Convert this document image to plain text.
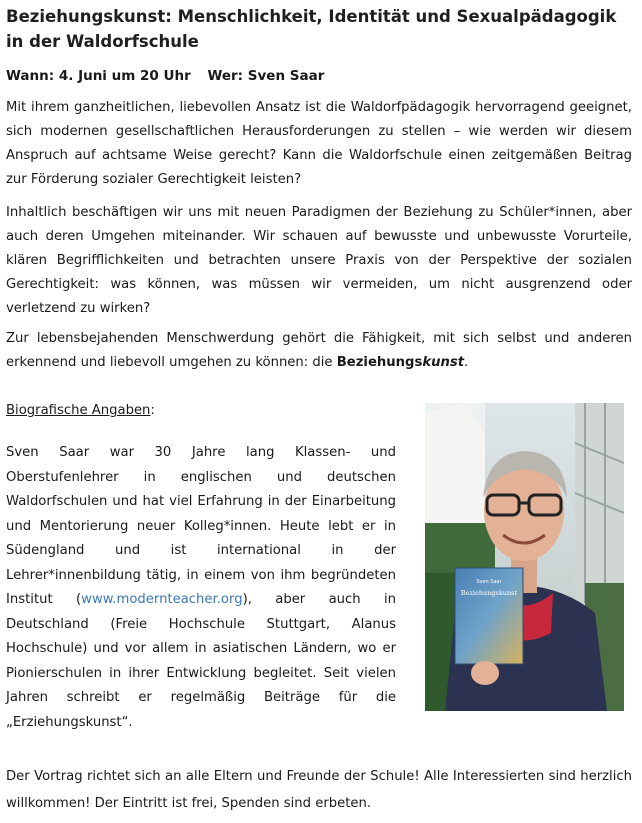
Beziehungskunst: Menschlichkeit, Identität und Sexualpädagogik in der Waldorfschule

Wann: 4. Juni um 20 Uhr Wer: Sven Saar

Mit ihrem ganzheitlichen, liebevollen Ansatz ist die Waldorfpädagogik hervorragend geeignet, sich modernen gesellschaftlichen Herausforderungen zu stellen – wie werden wir diesem Anspruch auf achtsame Weise gerecht? Kann die Waldorfschule einen zeitgemäßen Beitrag zur Förderung sozialer Gerechtigkeit leisten?

Inhaltlich beschäftigen wir uns mit neuen Paradigmen der Beziehung zu Schüler*innen, aber auch deren Umgehen miteinander. Wir schauen auf bewusste und unbewusste Vorurteile, klären Begrifflichkeiten und betrachten unsere Praxis von der Perspektive der sozialen Gerechtigkeit: was können, was müssen wir vermeiden, um nicht ausgrenzend oder verletzend zu wirken?

Zur lebensbejahenden Menschwerdung gehört die Fähigkeit, mit sich selbst und anderen erkennend und liebevoll umgehen zu können: die Beziehungskunst.

Biografische Angaben:

Sven Saar war 30 Jahre lang Klassen- und Oberstufenlehrer in englischen und deutschen Waldorfschulen und hat viel Erfahrung in der Einarbeitung und Mentorierung neuer Kolleg*innen. Heute lebt er in Südengland und ist international in der Lehrer*innenbildung tätig, in einem von ihm begründeten Institut (www.modernteacher.org), aber auch in Deutschland (Freie Hochschule Stuttgart, Alanus Hochschule) und vor allem in asiatischen Ländern, wo er Pionierschulen in ihrer Entwicklung begleitet. Seit vielen Jahren schreibt er regelmäßig Beiträge für die „Erziehungskunst“.

Sven Saar
Beziehungskunst

Der Vortrag richtet sich an alle Eltern und Freunde der Schule! Alle Interessierten sind herzlich willkommen! Der Eintritt ist frei, Spenden sind erbeten.
